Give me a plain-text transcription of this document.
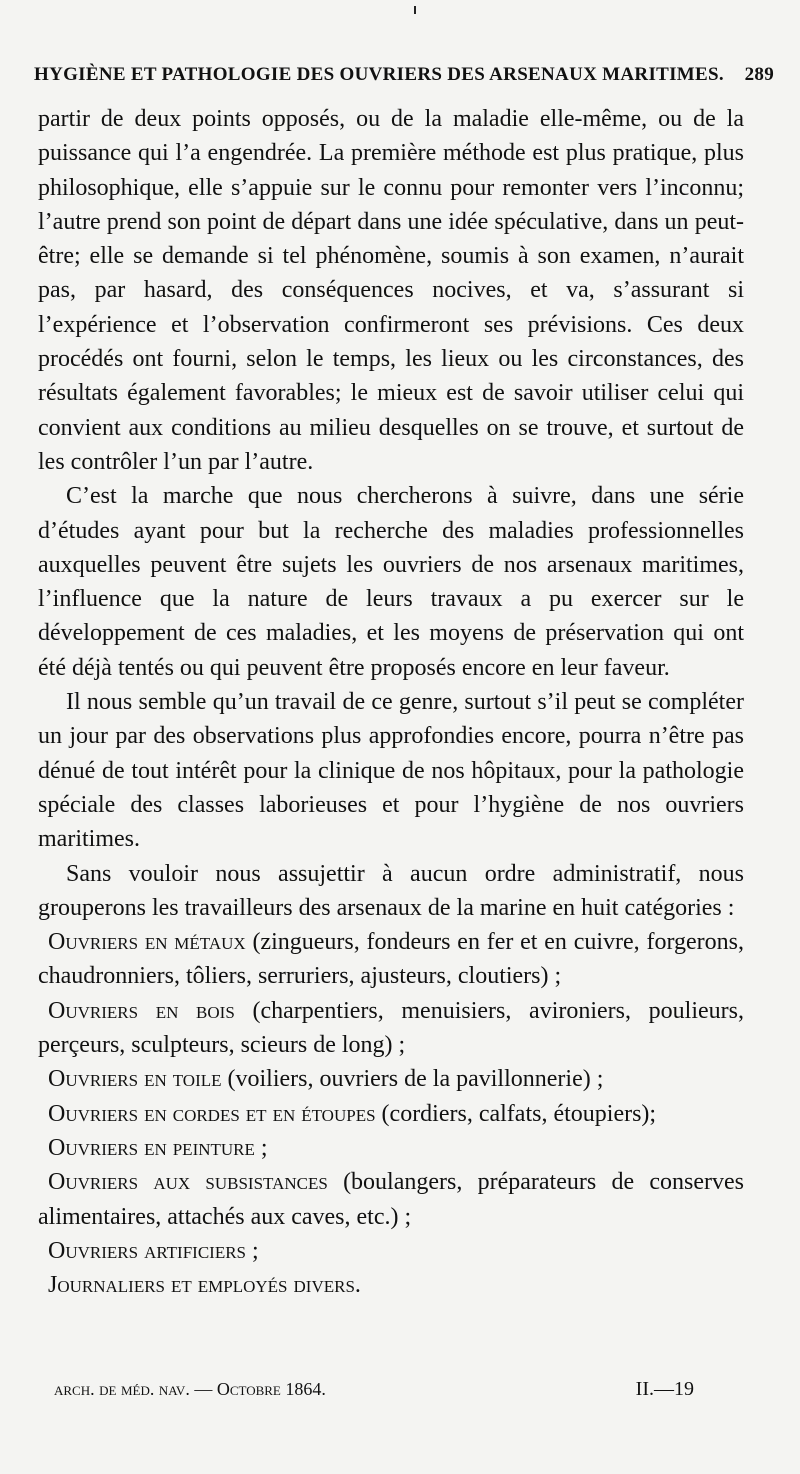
HYGIÈNE ET PATHOLOGIE DES OUVRIERS DES ARSENAUX MARITIMES. 289

partir de deux points opposés, ou de la maladie elle-même, ou de la puissance qui l’a engendrée. La première méthode est plus pratique, plus philosophique, elle s’appuie sur le connu pour remonter vers l’inconnu; l’autre prend son point de départ dans une idée spéculative, dans un peut-être; elle se demande si tel phénomène, soumis à son examen, n’aurait pas, par hasard, des conséquences nocives, et va, s’assurant si l’expérience et l’observation confirmeront ses prévisions. Ces deux procédés ont fourni, selon le temps, les lieux ou les circonstances, des résultats également favorables; le mieux est de savoir utiliser celui qui convient aux conditions au milieu desquelles on se trouve, et surtout de les contrôler l’un par l’autre.

C’est la marche que nous chercherons à suivre, dans une série d’études ayant pour but la recherche des maladies professionnelles auxquelles peuvent être sujets les ouvriers de nos arsenaux maritimes, l’influence que la nature de leurs travaux a pu exercer sur le développement de ces maladies, et les moyens de préservation qui ont été déjà tentés ou qui peuvent être proposés encore en leur faveur.

Il nous semble qu’un travail de ce genre, surtout s’il peut se compléter un jour par des observations plus approfondies encore, pourra n’être pas dénué de tout intérêt pour la clinique de nos hôpitaux, pour la pathologie spéciale des classes laborieuses et pour l’hygiène de nos ouvriers maritimes.

Sans vouloir nous assujettir à aucun ordre administratif, nous grouperons les travailleurs des arsenaux de la marine en huit catégories :

Ouvriers en métaux (zingueurs, fondeurs en fer et en cuivre, forgerons, chaudronniers, tôliers, serruriers, ajusteurs, cloutiers) ;

Ouvriers en bois (charpentiers, menuisiers, avironiers, poulieurs, perçeurs, sculpteurs, scieurs de long) ;

Ouvriers en toile (voiliers, ouvriers de la pavillonnerie) ;

Ouvriers en cordes et en étoupes (cordiers, calfats, étoupiers);

Ouvriers en peinture ;

Ouvriers aux subsistances (boulangers, préparateurs de conserves alimentaires, attachés aux caves, etc.) ;

Ouvriers artificiers ;

Journaliers et employés divers.

arch. de méd. nav. — Octobre 1864.	II.—19
